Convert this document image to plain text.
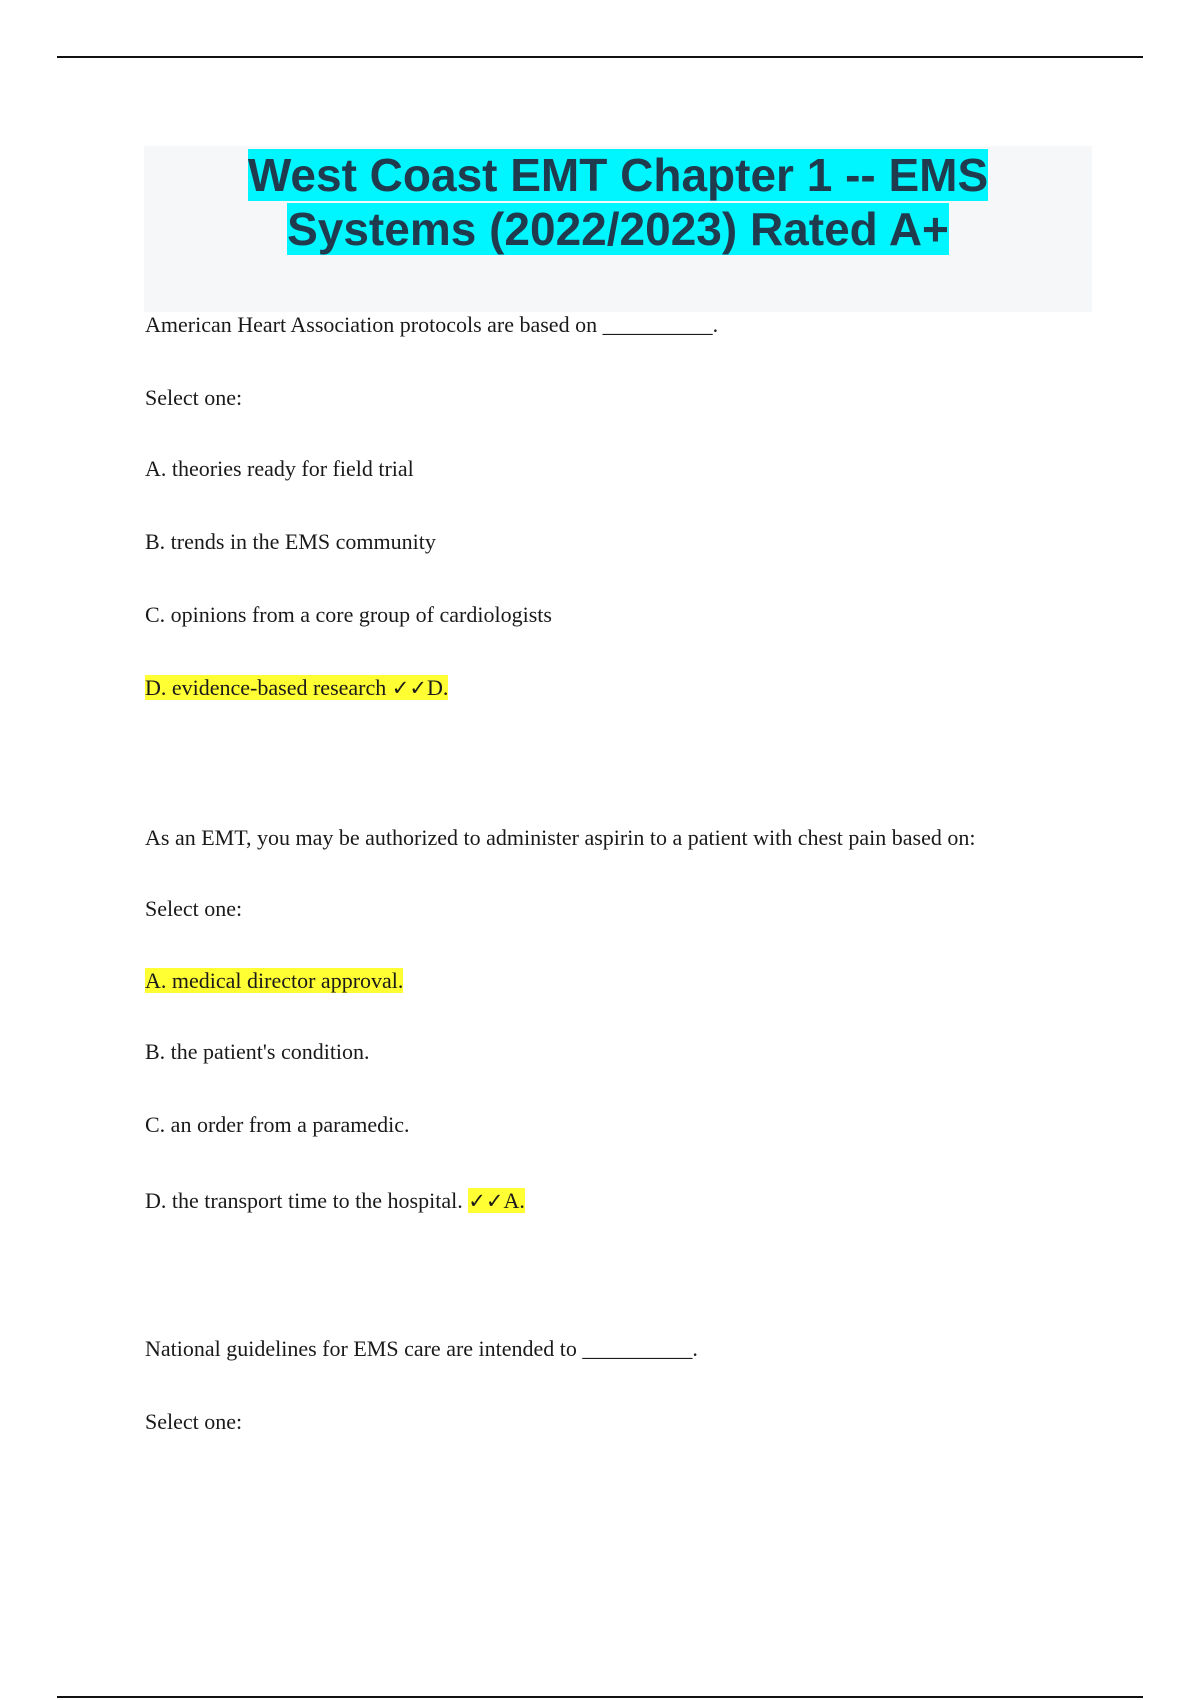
West Coast EMT Chapter 1 -- EMS
Systems (2022/2023) Rated A+
American Heart Association protocols are based on __________.
Select one:
A. theories ready for field trial
B. trends in the EMS community
C. opinions from a core group of cardiologists
D. evidence-based research ✓✓D.
As an EMT, you may be authorized to administer aspirin to a patient with chest pain based on:
Select one:
A. medical director approval.
B. the patient's condition.
C. an order from a paramedic.
D. the transport time to the hospital. ✓✓A.
National guidelines for EMS care are intended to __________.
Select one:
